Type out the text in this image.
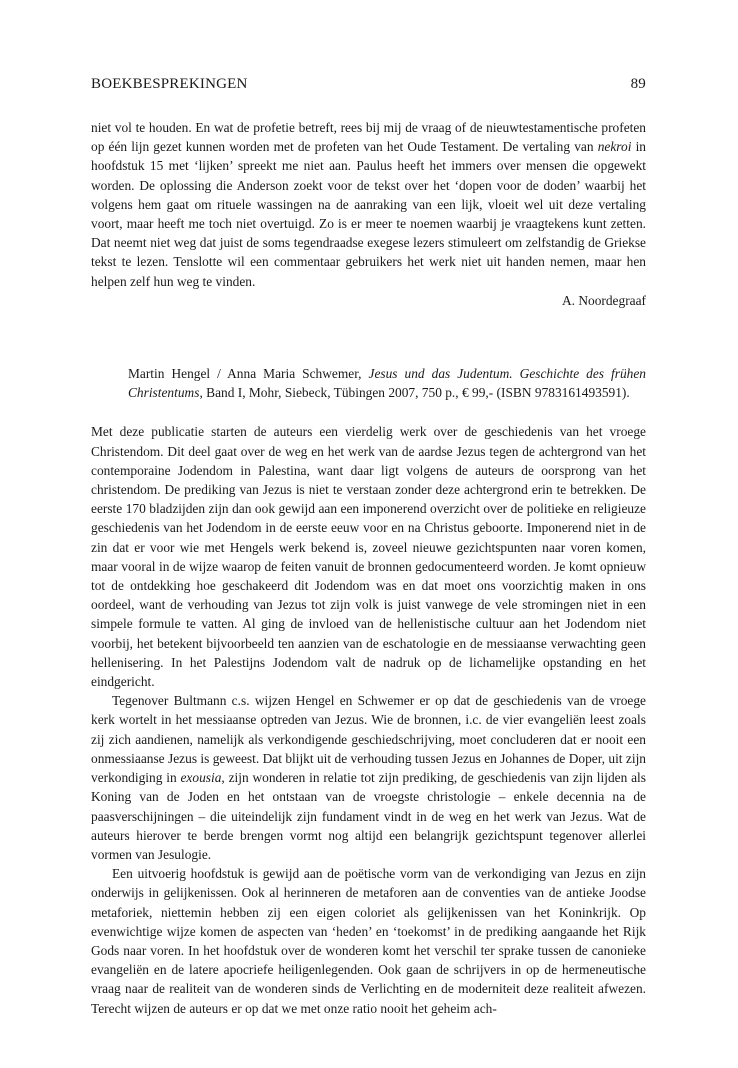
BOEKBESPREKINGEN	89

niet vol te houden. En wat de profetie betreft, rees bij mij de vraag of de nieuwtestamentische profeten op één lijn gezet kunnen worden met de profeten van het Oude Testament. De vertaling van nekroi in hoofdstuk 15 met ‘lijken’ spreekt me niet aan. Paulus heeft het immers over mensen die opgewekt worden. De oplossing die Anderson zoekt voor de tekst over het ‘dopen voor de doden’ waarbij het volgens hem gaat om rituele wassingen na de aanraking van een lijk, vloeit wel uit deze vertaling voort, maar heeft me toch niet overtuigd. Zo is er meer te noemen waarbij je vraagtekens kunt zetten. Dat neemt niet weg dat juist de soms tegendraadse exegese lezers stimuleert om zelfstandig de Griekse tekst te lezen. Tenslotte wil een commentaar gebruikers het werk niet uit handen nemen, maar hen helpen zelf hun weg te vinden.

A. Noordegraaf
Martin Hengel / Anna Maria Schwemer, Jesus und das Judentum. Geschichte des frühen Christentums, Band I, Mohr, Siebeck, Tübingen 2007, 750 p., € 99,- (ISBN 9783161493591).

Met deze publicatie starten de auteurs een vierdelig werk over de geschiedenis van het vroege Christendom. Dit deel gaat over de weg en het werk van de aardse Jezus tegen de achtergrond van het contemporaine Jodendom in Palestina, want daar ligt volgens de auteurs de oorsprong van het christendom. De prediking van Jezus is niet te verstaan zonder deze achtergrond erin te betrekken. De eerste 170 bladzijden zijn dan ook gewijd aan een imponerend overzicht over de politieke en religieuze geschiedenis van het Jodendom in de eerste eeuw voor en na Christus geboorte. Imponerend niet in de zin dat er voor wie met Hengels werk bekend is, zoveel nieuwe gezichtspunten naar voren komen, maar vooral in de wijze waarop de feiten vanuit de bronnen gedocumenteerd worden. Je komt opnieuw tot de ontdekking hoe geschakeerd dit Jodendom was en dat moet ons voorzichtig maken in ons oordeel, want de verhouding van Jezus tot zijn volk is juist vanwege de vele stromingen niet in een simpele formule te vatten. Al ging de invloed van de hellenistische cultuur aan het Jodendom niet voorbij, het betekent bijvoorbeeld ten aanzien van de eschatologie en de messiaanse verwachting geen hellenisering. In het Palestijns Jodendom valt de nadruk op de lichamelijke opstanding en het eindgericht.

Tegenover Bultmann c.s. wijzen Hengel en Schwemer er op dat de geschiedenis van de vroege kerk wortelt in het messiaanse optreden van Jezus. Wie de bronnen, i.c. de vier evangeliën leest zoals zij zich aandienen, namelijk als verkondigende geschiedschrijving, moet concluderen dat er nooit een onmessiaanse Jezus is geweest. Dat blijkt uit de verhouding tussen Jezus en Johannes de Doper, uit zijn verkondiging in exousia, zijn wonderen in relatie tot zijn prediking, de geschiedenis van zijn lijden als Koning van de Joden en het ontstaan van de vroegste christologie – enkele decennia na de paasverschijningen – die uiteindelijk zijn fundament vindt in de weg en het werk van Jezus. Wat de auteurs hierover te berde brengen vormt nog altijd een belangrijk gezichtspunt tegenover allerlei vormen van Jesulogie.

Een uitvoerig hoofdstuk is gewijd aan de poëtische vorm van de verkondiging van Jezus en zijn onderwijs in gelijkenissen. Ook al herinneren de metaforen aan de conventies van de antieke Joodse metaforiek, niettemin hebben zij een eigen coloriet als gelijkenissen van het Koninkrijk. Op evenwichtige wijze komen de aspecten van ‘heden’ en ‘toekomst’ in de prediking aangaande het Rijk Gods naar voren. In het hoofdstuk over de wonderen komt het verschil ter sprake tussen de canonieke evangeliën en de latere apocriefe heiligenlegenden. Ook gaan de schrijvers in op de hermeneutische vraag naar de realiteit van de wonderen sinds de Verlichting en de moderniteit deze realiteit afwezen. Terecht wijzen de auteurs er op dat we met onze ratio nooit het geheim ach-
